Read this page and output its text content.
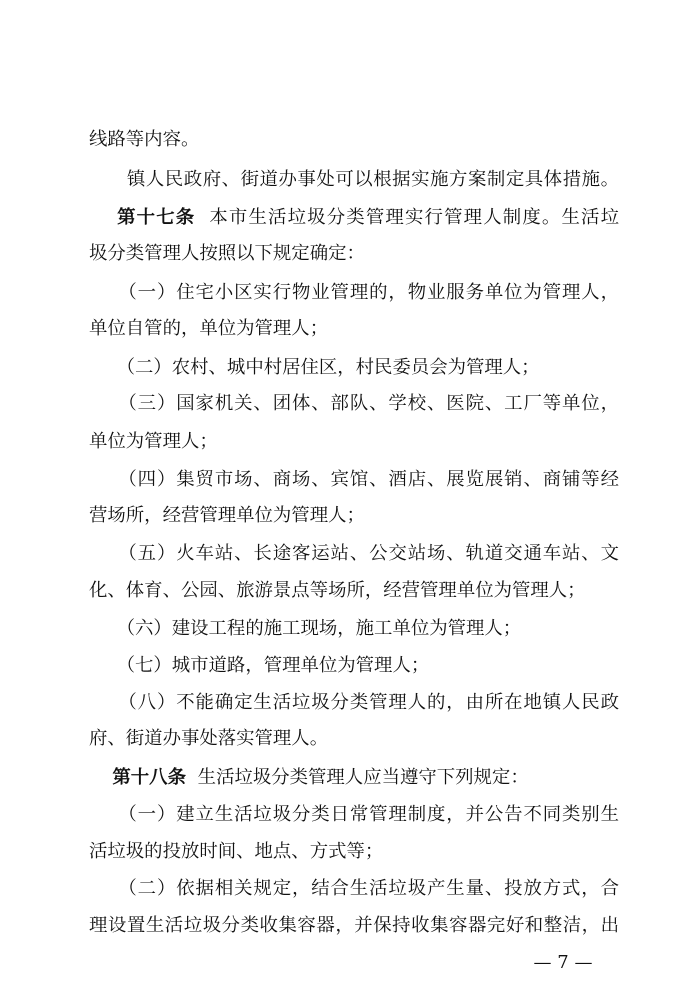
线路等内容。
　　镇人民政府、街道办事处可以根据实施方案制定具体措施。
第十七条 本市生活垃圾分类管理实行管理人制度。生活垃
圾分类管理人按照以下规定确定：
　　（一）住宅小区实行物业管理的，物业服务单位为管理人，
单位自管的，单位为管理人；
　　（二）农村、城中村居住区，村民委员会为管理人；
　　（三）国家机关、团体、部队、学校、医院、工厂等单位，
单位为管理人；
　　（四）集贸市场、商场、宾馆、酒店、展览展销、商铺等经
营场所，经营管理单位为管理人；
　　（五）火车站、长途客运站、公交站场、轨道交通车站、文
化、体育、公园、旅游景点等场所，经营管理单位为管理人；
　　（六）建设工程的施工现场，施工单位为管理人；
　　（七）城市道路，管理单位为管理人；
　　（八）不能确定生活垃圾分类管理人的，由所在地镇人民政
府、街道办事处落实管理人。
第十八条 生活垃圾分类管理人应当遵守下列规定：
　　（一）建立生活垃圾分类日常管理制度，并公告不同类别生
活垃圾的投放时间、地点、方式等；
　　（二）依据相关规定，结合生活垃圾产生量、投放方式，合
理设置生活垃圾分类收集容器，并保持收集容器完好和整洁，出
— 7 —
